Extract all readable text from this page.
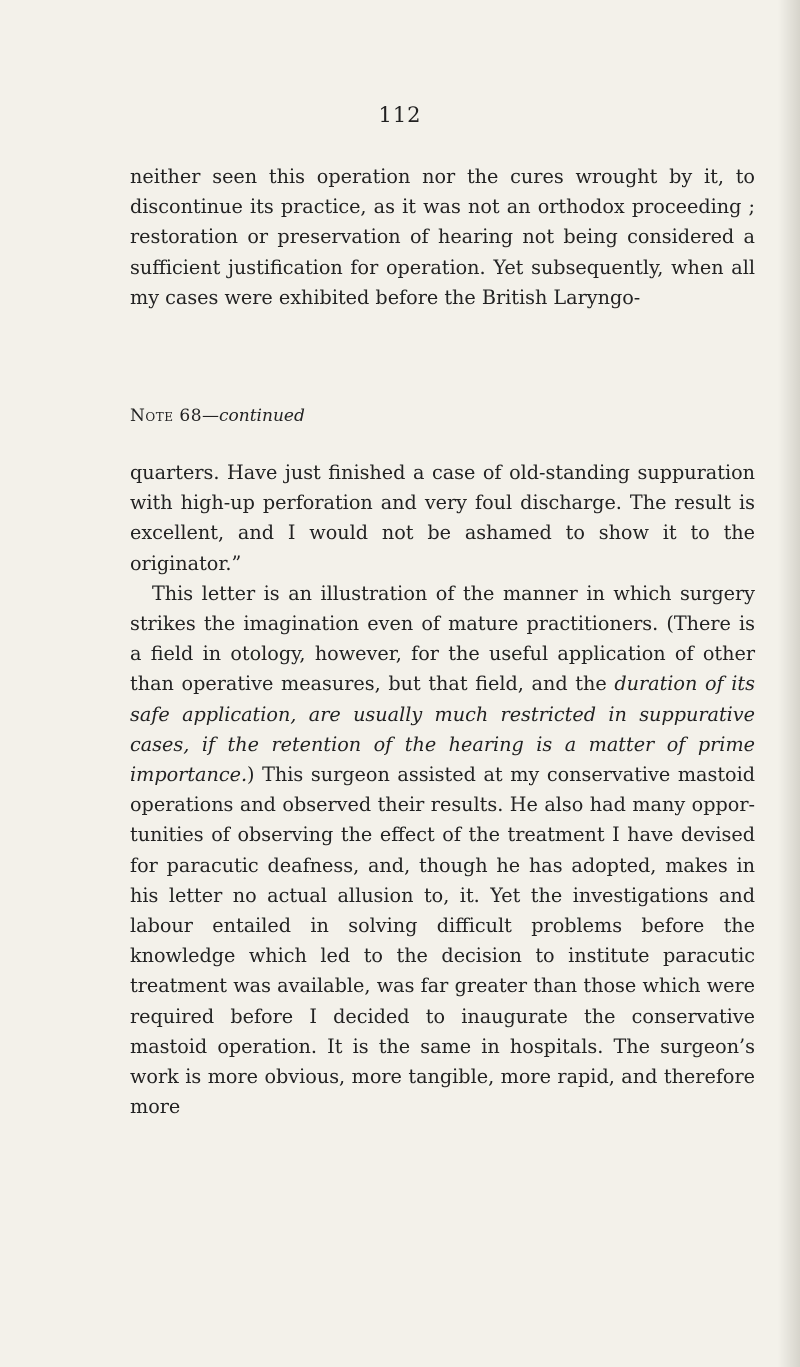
112

neither seen this operation nor the cures wrought by it, to discontinue its practice, as it was not an orthodox proceeding ; restoration or preservation of hearing not being considered a sufficient justification for operation. Yet subsequently, when all my cases were exhibited before the British Laryngo-

Note 68—continued

quarters. Have just finished a case of old-standing suppuration with high-up perforation and very foul discharge. The result is excellent, and I would not be ashamed to show it to the originator.”

This letter is an illustration of the manner in which surgery strikes the imagination even of mature practitioners. (There is a field in otology, however, for the useful application of other than operative measures, but that field, and the duration of its safe application, are usually much restricted in suppurative cases, if the retention of the hearing is a matter of prime importance.) This surgeon assisted at my conservative mastoid operations and observed their results. He also had many opportunities of observing the effect of the treatment I have devised for paracutic deafness, and, though he has adopted, makes in his letter no actual allusion to, it. Yet the investigations and labour entailed in solving difficult problems before the knowledge which led to the decision to institute paracutic treatment was available, was far greater than those which were required before I decided to inaugurate the conservative mastoid operation. It is the same in hospitals. The surgeon’s work is more obvious, more tangible, more rapid, and therefore more
